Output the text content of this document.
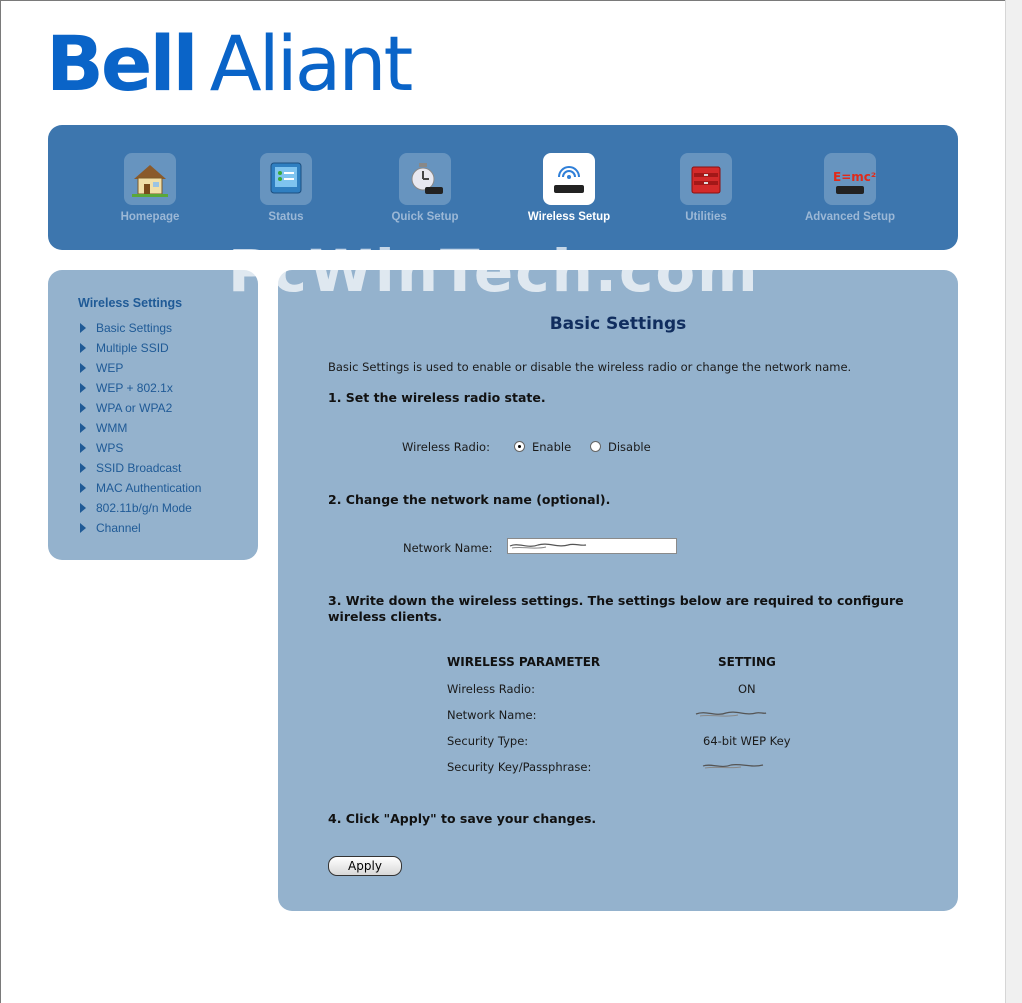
Bell Aliant
Homepage	Status	Quick Setup	Wireless Setup	Utilities
E=mc²
Advanced Setup
Wireless Settings
Basic Settings
Multiple SSID
WEP
WEP + 802.1x
WPA or WPA2
WMM
WPS
SSID Broadcast
MAC Authentication
802.11b/g/n Mode
Channel
Basic Settings
Basic Settings is used to enable or disable the wireless radio or change the network name.
1. Set the wireless radio state.
Wireless Radio:	Enable	Disable
2. Change the network name (optional).
Network Name:
3. Write down the wireless settings. The settings below are required to configure
wireless clients.
WIRELESS PARAMETER	SETTING
Wireless Radio:	ON
Network Name:
Security Type:	64-bit WEP Key
Security Key/Passphrase:
4. Click "Apply" to save your changes.
Apply
PcWinTech.com
